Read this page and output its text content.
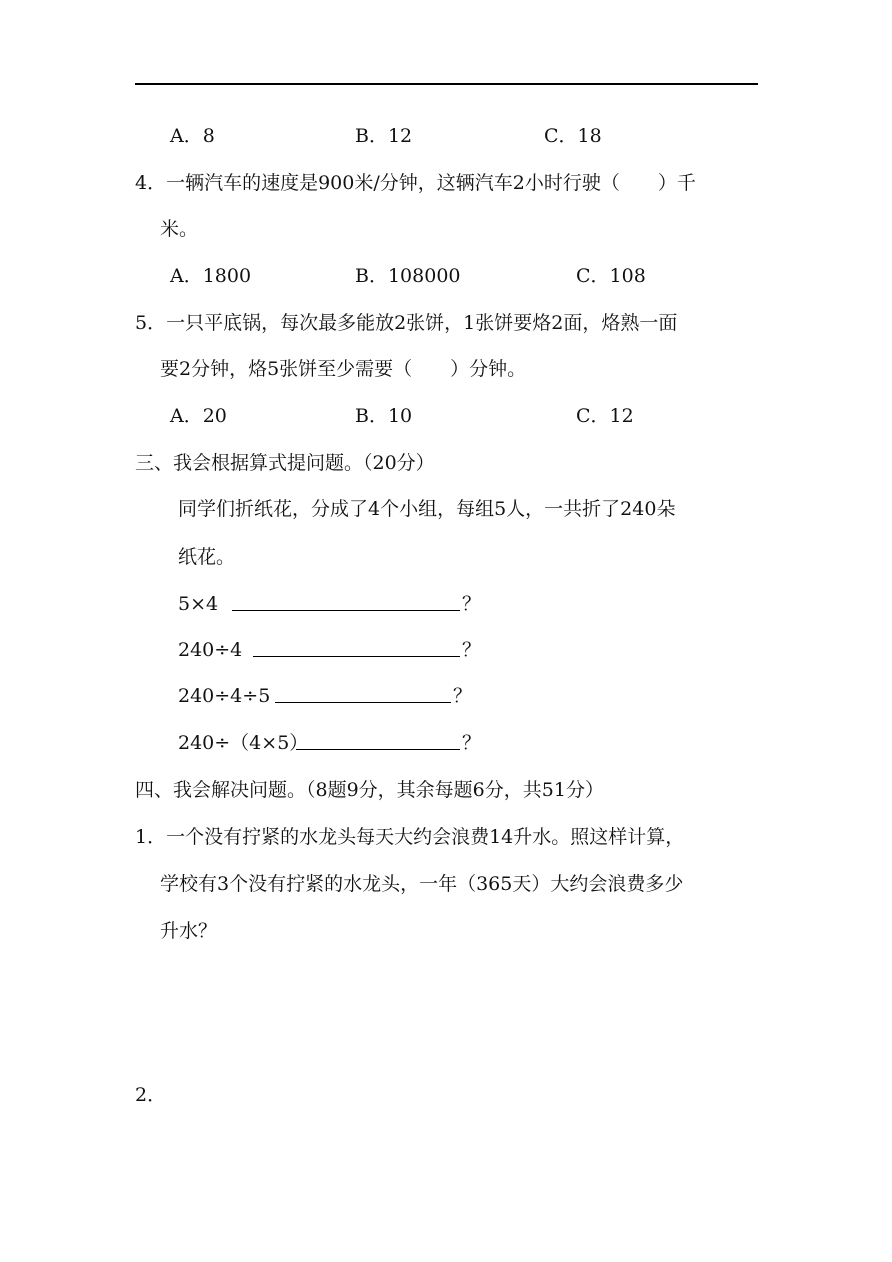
A．8	B．12	C．18
4．一辆汽车的速度是900米/分钟，这辆汽车2小时行驶（　　）千
米。
A．1800	B．108000	C．108
5．一只平底锅，每次最多能放2张饼，1张饼要烙2面，烙熟一面
要2分钟，烙5张饼至少需要（　　）分钟。
A．20	B．10	C．12
三、我会根据算式提问题。（20分）
同学们折纸花，分成了4个小组，每组5人，一共折了240朵
纸花。
5×4	？
240÷4	？
240÷4÷5	？
240÷（4×5）	？
四、我会解决问题。（8题9分，其余每题6分，共51分）
1．一个没有拧紧的水龙头每天大约会浪费14升水。照这样计算，
学校有3个没有拧紧的水龙头，一年（365天）大约会浪费多少
升水？
2．
